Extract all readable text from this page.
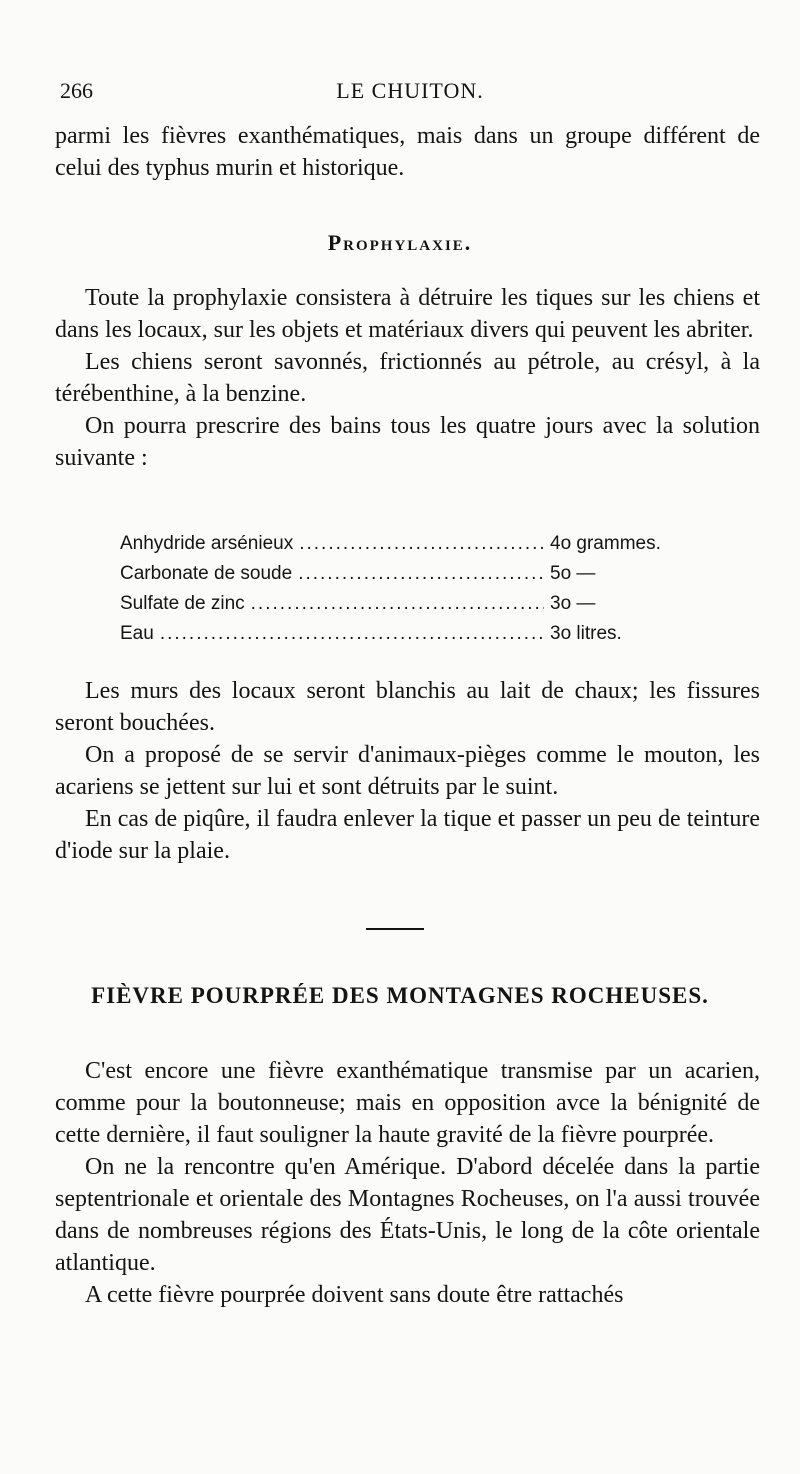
266	LE CHUITON.

parmi les fièvres exanthématiques, mais dans un groupe différent de celui des typhus murin et historique.

Prophylaxie.

Toute la prophylaxie consistera à détruire les tiques sur les chiens et dans les locaux, sur les objets et matériaux divers qui peuvent les abriter.

Les chiens seront savonnés, frictionnés au pétrole, au crésyl, à la térébenthine, à la benzine.

On pourra prescrire des bains tous les quatre jours avec la solution suivante :

Anhydride arsénieux .....	4o grammes.
Carbonate de soude .....	5o —
Sulfate de zinc .....	3o —
Eau .....	3o litres.

Les murs des locaux seront blanchis au lait de chaux; les fissures seront bouchées.

On a proposé de se servir d'animaux-pièges comme le mouton, les acariens se jettent sur lui et sont détruits par le suint.

En cas de piqûre, il faudra enlever la tique et passer un peu de teinture d'iode sur la plaie.

FIÈVRE POURPRÉE DES MONTAGNES ROCHEUSES.

C'est encore une fièvre exanthématique transmise par un acarien, comme pour la boutonneuse; mais en opposition avce la bénignité de cette dernière, il faut souligner la haute gravité de la fièvre pourprée.

On ne la rencontre qu'en Amérique. D'abord décelée dans la partie septentrionale et orientale des Montagnes Rocheuses, on l'a aussi trouvée dans de nombreuses régions des États-Unis, le long de la côte orientale atlantique.

A cette fièvre pourprée doivent sans doute être rattachés
